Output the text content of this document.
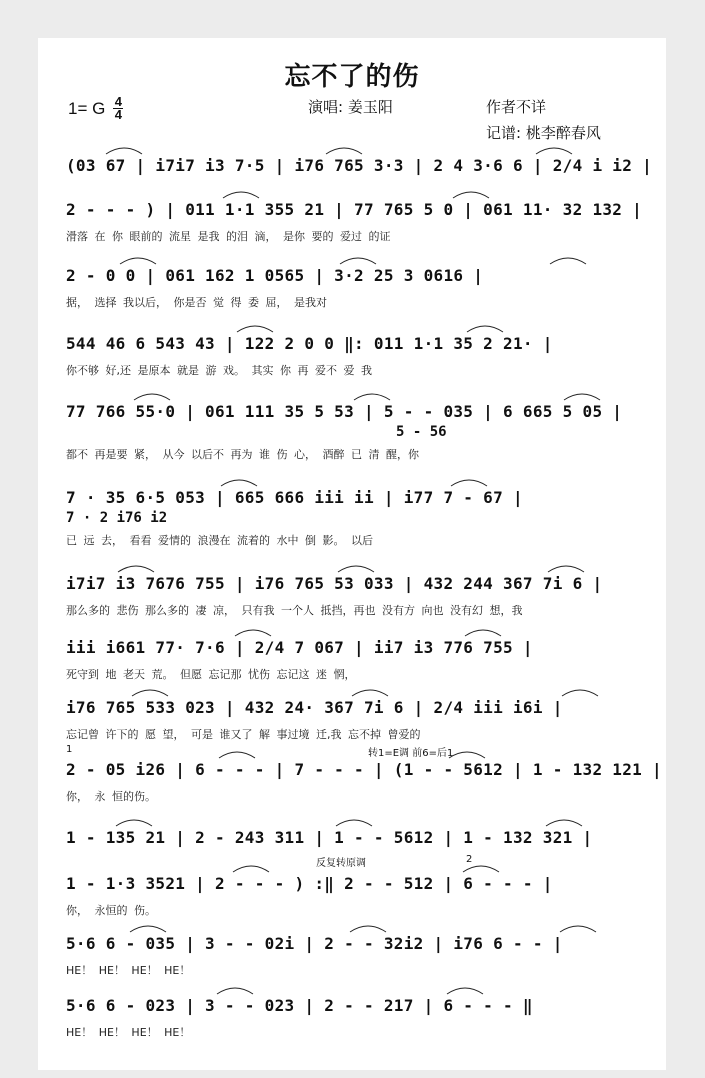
忘不了的伤
1= G $\frac{4}{4}$	演唱: 姜玉阳	作者不详
记谱: 桃李醉春风
(03 67 | i7i7 i3 7·5 | i76 765 3·3 | 2 4 3·6 6 | 2/4 i i2 |
2 - - - ) | 011 1·1 355 21 | 77 765 5 0 | 061 11· 32 132 |
滑落 在 你 眼前的 流星 是我 的泪 滴， 是你 要的 爱过 的证
2 - 0 0 | 061 162 1 0565 | 3·2 25 3 0616 |
据， 选择 我以后， 你是否 觉 得 委 屈， 是我对
544 46 6 543 43 | 122 2 0 0 ‖: 011 1·1 35 2 21· |
你不够 好,还 是原本 就是 游 戏。 其实 你 再 爱不 爱 我
77 766 55·0 | 061 111 35 5 53 | 5 - - 035 | 6 665 5 05 |
5 - 56
都不 再是要 紧， 从今 以后不 再为 谁 伤 心， 酒醉 已 清 醒，你
7 · 35 6·5 053 | 665 666 iii ii | i77 7 - 67 |
7 · 2 i76 i2
已 远 去， 看看 爱情的 浪漫在 流着的 水中 倒 影。 以后
i7i7 i3 7676 755 | i76 765 53 033 | 432 244 367 7i 6 |
那么多的 悲伤 那么多的 凄 凉， 只有我 一个人 抵挡，再也 没有方 向也 没有幻 想，我
iii i661 77· 7·6 | 2/4 7 067 | ii7 i3 776 755 |
死守到 地 老天 荒。 但愿 忘记那 忧伤 忘记这 迷 惘，
i76 765 533 023 | 432 24· 367 7i 6 | 2/4 iii i6i |
忘记曾 许下的 愿 望， 可是 谁又了 解 事过境 迁,我 忘不掉 曾爱的
1	转1=E调 前6=后1
2 - 05 i26 | 6 - - - | 7 - - - | (1 - - 5612 | 1 - 132 121 |
你， 永 恒的伤。
1 - 135 21 | 2 - 243 311 | 1 - - 5612 | 1 - 132 321 |
反复转原调	2
1 - 1·3 3521 | 2 - - - ) :‖ 2 - - 512 | 6 - - - |
你， 永恒的 伤。
5·6 6 - 035 | 3 - - 02i | 2 - - 32i2 | i76 6 - - |
HE！ HE！ HE！ HE！
5·6 6 - 023 | 3 - - 023 | 2 - - 217 | 6 - - - ‖
HE！ HE！ HE！ HE！
